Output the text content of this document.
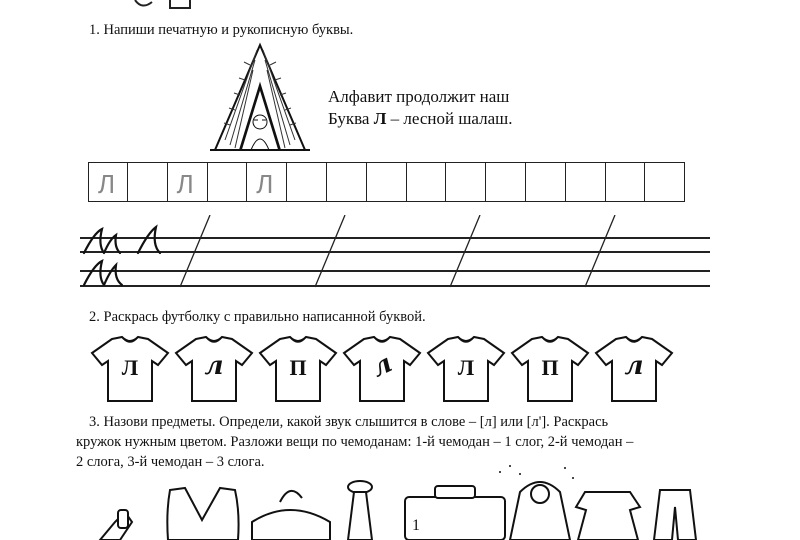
1. Напиши печатную и рукописную буквы.
Алфавит продолжит наш
Буква Л – лесной шалаш.
Л Л Л
2. Раскрась футболку с правильно написанной буквой.
Л	л	П	л	Л	П	л
3. Назови предметы. Определи, какой звук слышится в слове – [л] или [л']. Раскрась
кружок нужным цветом. Разложи вещи по чемоданам: 1-й чемодан – 1 слог, 2-й чемодан –
2 слога, 3-й чемодан – 3 слога.
1
